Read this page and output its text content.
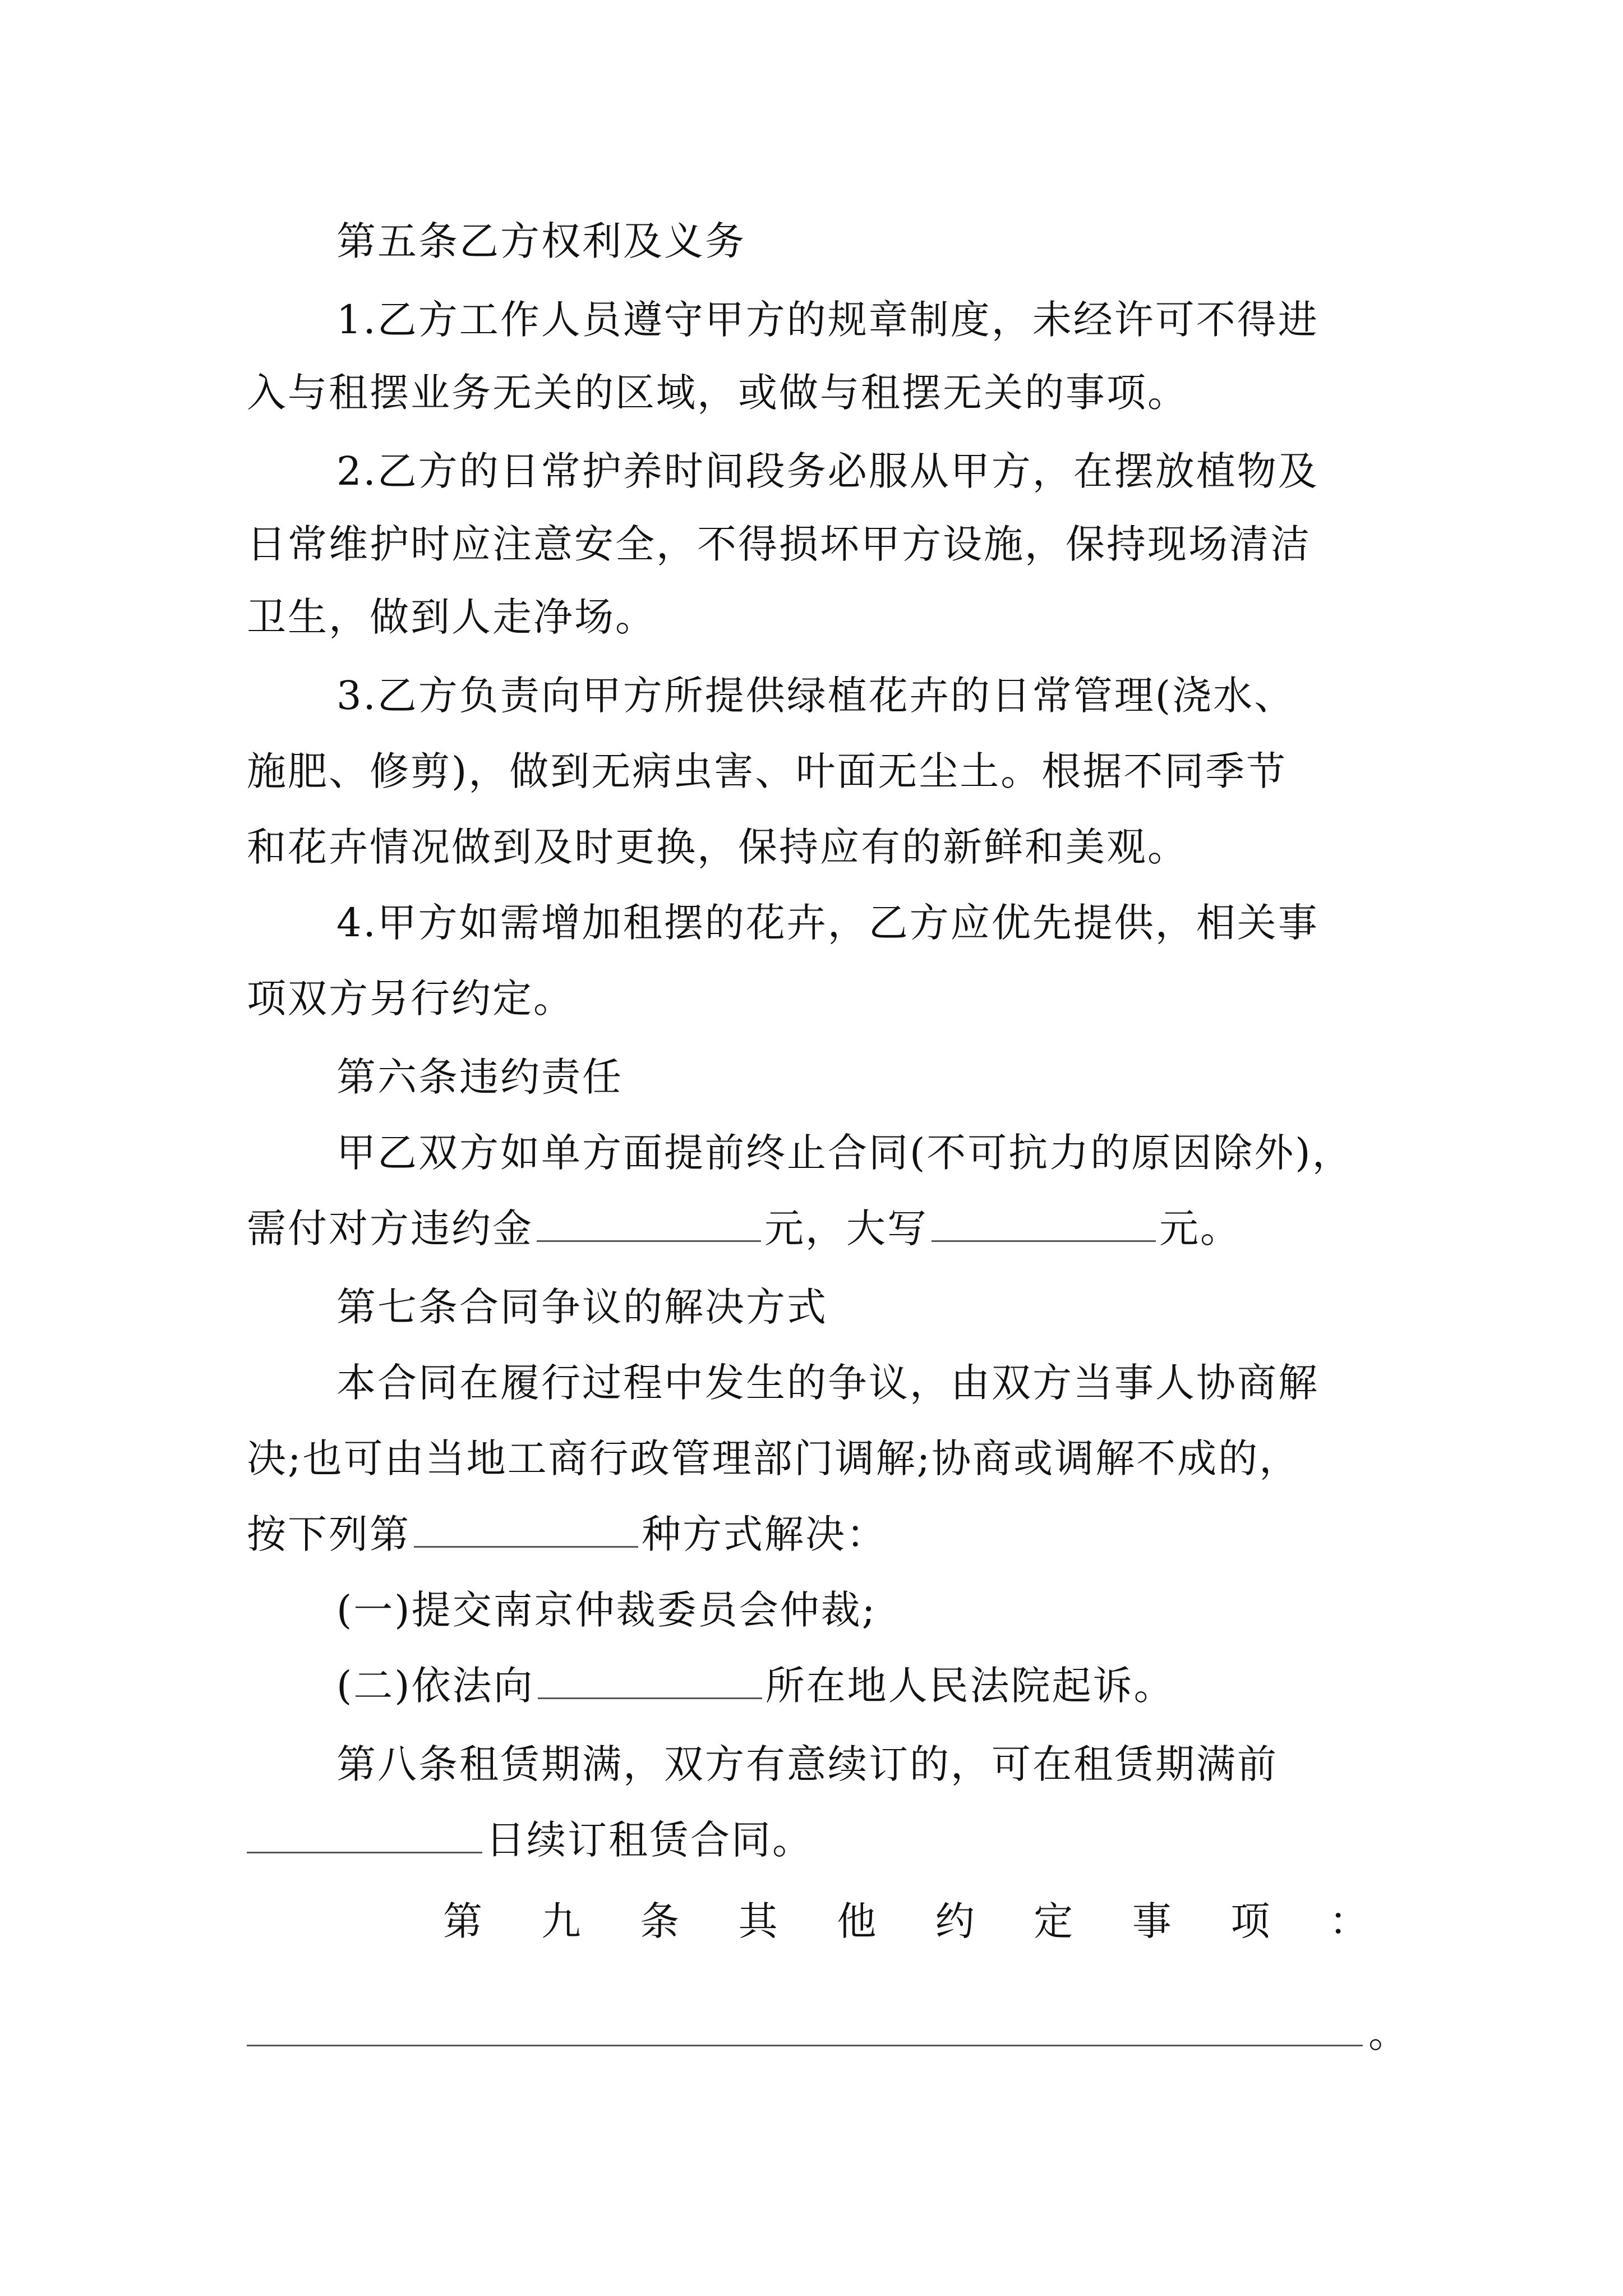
第五条乙方权利及义务
1.乙方工作人员遵守甲方的规章制度，未经许可不得进
入与租摆业务无关的区域，或做与租摆无关的事项。
2.乙方的日常护养时间段务必服从甲方，在摆放植物及
日常维护时应注意安全，不得损坏甲方设施，保持现场清洁
卫生，做到人走净场。
3.乙方负责向甲方所提供绿植花卉的日常管理(浇水、
施肥、修剪)，做到无病虫害、叶面无尘土。根据不同季节
和花卉情况做到及时更换，保持应有的新鲜和美观。
4.甲方如需增加租摆的花卉，乙方应优先提供，相关事
项双方另行约定。
第六条违约责任
甲乙双方如单方面提前终止合同(不可抗力的原因除外)，
需付对方违约金	元，大写	元。
第七条合同争议的解决方式
本合同在履行过程中发生的争议，由双方当事人协商解
决;也可由当地工商行政管理部门调解;协商或调解不成的，
按下列第	种方式解决：
(一)提交南京仲裁委员会仲裁;
(二)依法向	所在地人民法院起诉。
第八条租赁期满，双方有意续订的，可在租赁期满前
日续订租赁合同。
第 九 条 其 他 约 定 事 项 ：
。
